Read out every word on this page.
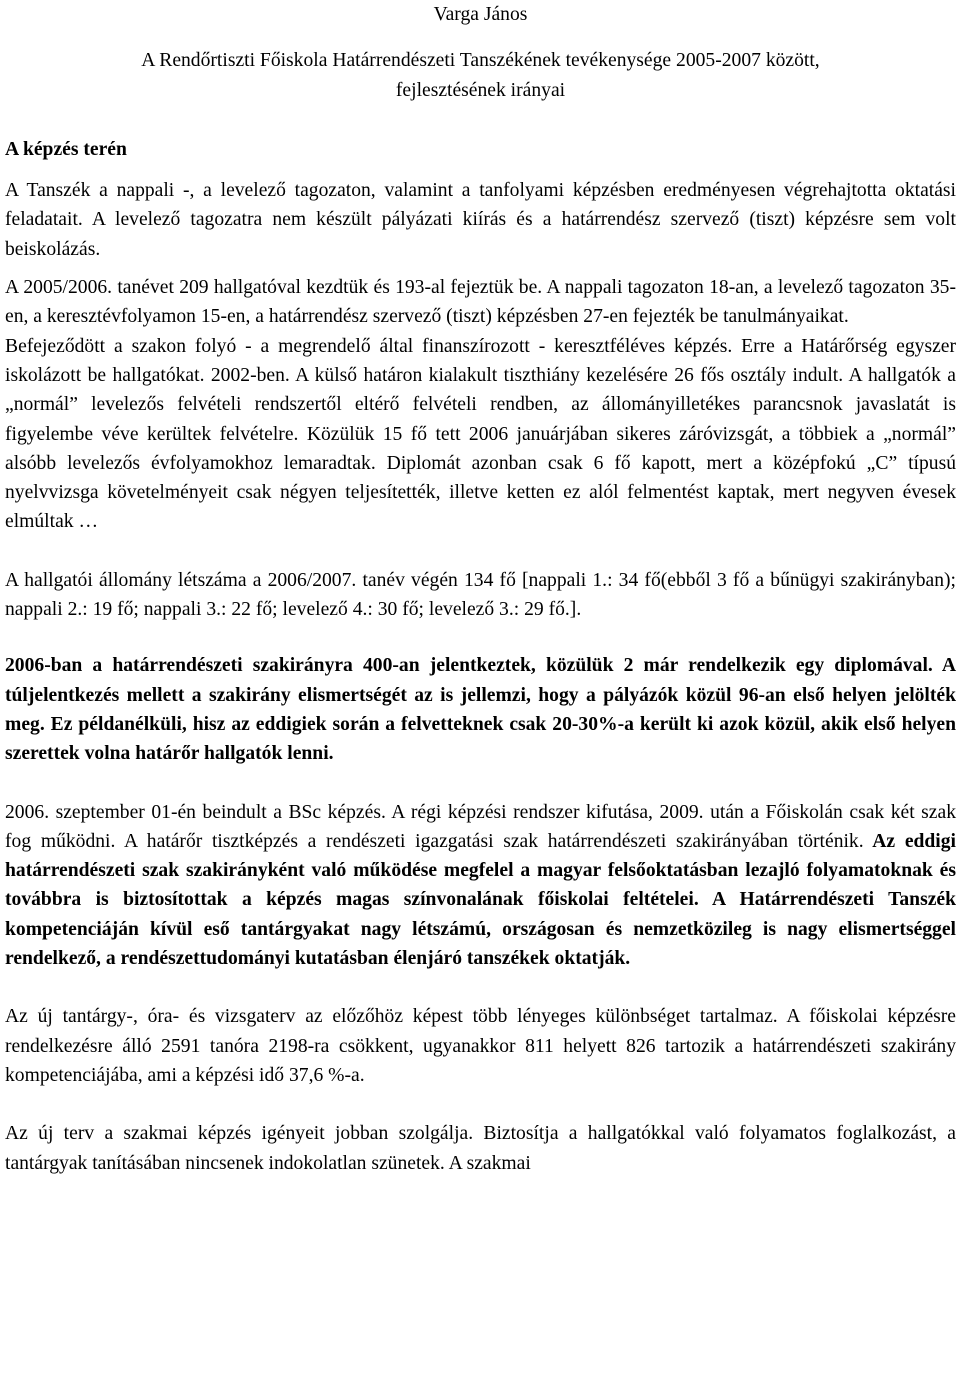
Varga János

A Rendőrtiszti Főiskola Határrendészeti Tanszékének tevékenysége 2005-2007 között,

fejlesztésének irányai

A képzés terén

A Tanszék a nappali -, a levelező tagozaton, valamint a tanfolyami képzésben eredményesen végrehajtotta oktatási feladatait. A levelező tagozatra nem készült pályázati kiírás és a határrendész szervező (tiszt) képzésre sem volt beiskolázás.

A 2005/2006. tanévet 209 hallgatóval kezdtük és 193-al fejeztük be. A nappali tagozaton 18-an, a levelező tagozaton 35-en, a keresztévfolyamon 15-en, a határrendész szervező (tiszt) képzésben 27-en fejezték be tanulmányaikat.

Befejeződött a szakon folyó - a megrendelő által finanszírozott - keresztféléves képzés. Erre a Határőrség egyszer iskolázott be hallgatókat. 2002-ben. A külső határon kialakult tiszthiány kezelésére 26 fős osztály indult. A hallgatók a „normál” levelezős felvételi rendszertől eltérő felvételi rendben, az állományilletékes parancsnok javaslatát is figyelembe véve kerültek felvételre. Közülük 15 fő tett 2006 januárjában sikeres záróvizsgát, a többiek a „normál” alsóbb levelezős évfolyamokhoz lemaradtak. Diplomát azonban csak 6 fő kapott, mert a középfokú „C” típusú nyelvvizsga követelményeit csak négyen teljesítették, illetve ketten ez alól felmentést kaptak, mert negyven évesek elmúltak …

A hallgatói állomány létszáma a 2006/2007. tanév végén 134 fő [nappali 1.: 34 fő(ebből 3 fő a bűnügyi szakirányban); nappali 2.: 19 fő; nappali 3.: 22 fő; levelező 4.: 30 fő; levelező 3.: 29 fő.].

2006-ban a határrendészeti szakirányra 400-an jelentkeztek, közülük 2 már rendelkezik egy diplomával. A túljelentkezés mellett a szakirány elismertségét az is jellemzi, hogy a pályázók közül 96-an első helyen jelölték meg. Ez példanélküli, hisz az eddigiek során a felvetteknek csak 20-30%-a került ki azok közül, akik első helyen szerettek volna határőr hallgatók lenni.

2006. szeptember 01-én beindult a BSc képzés. A régi képzési rendszer kifutása, 2009. után a Főiskolán csak két szak fog működni. A határőr tisztképzés a rendészeti igazgatási szak határrendészeti szakirányában történik. Az eddigi határrendészeti szak szakirányként való működése megfelel a magyar felsőoktatásban lezajló folyamatoknak és továbbra is biztosítottak a képzés magas színvonalának főiskolai feltételei. A Határrendészeti Tanszék kompetenciáján kívül eső tantárgyakat nagy létszámú, országosan és nemzetközileg is nagy elismertséggel rendelkező, a rendészettudományi kutatásban élenjáró tanszékek oktatják.

Az új tantárgy-, óra- és vizsgaterv az előzőhöz képest több lényeges különbséget tartalmaz. A főiskolai képzésre rendelkezésre álló 2591 tanóra 2198-ra csökkent, ugyanakkor 811 helyett 826 tartozik a határrendészeti szakirány kompetenciájába, ami a képzési idő 37,6 %-a.

Az új terv a szakmai képzés igényeit jobban szolgálja. Biztosítja a hallgatókkal való folyamatos foglalkozást, a tantárgyak tanításában nincsenek indokolatlan szünetek. A szakmai
